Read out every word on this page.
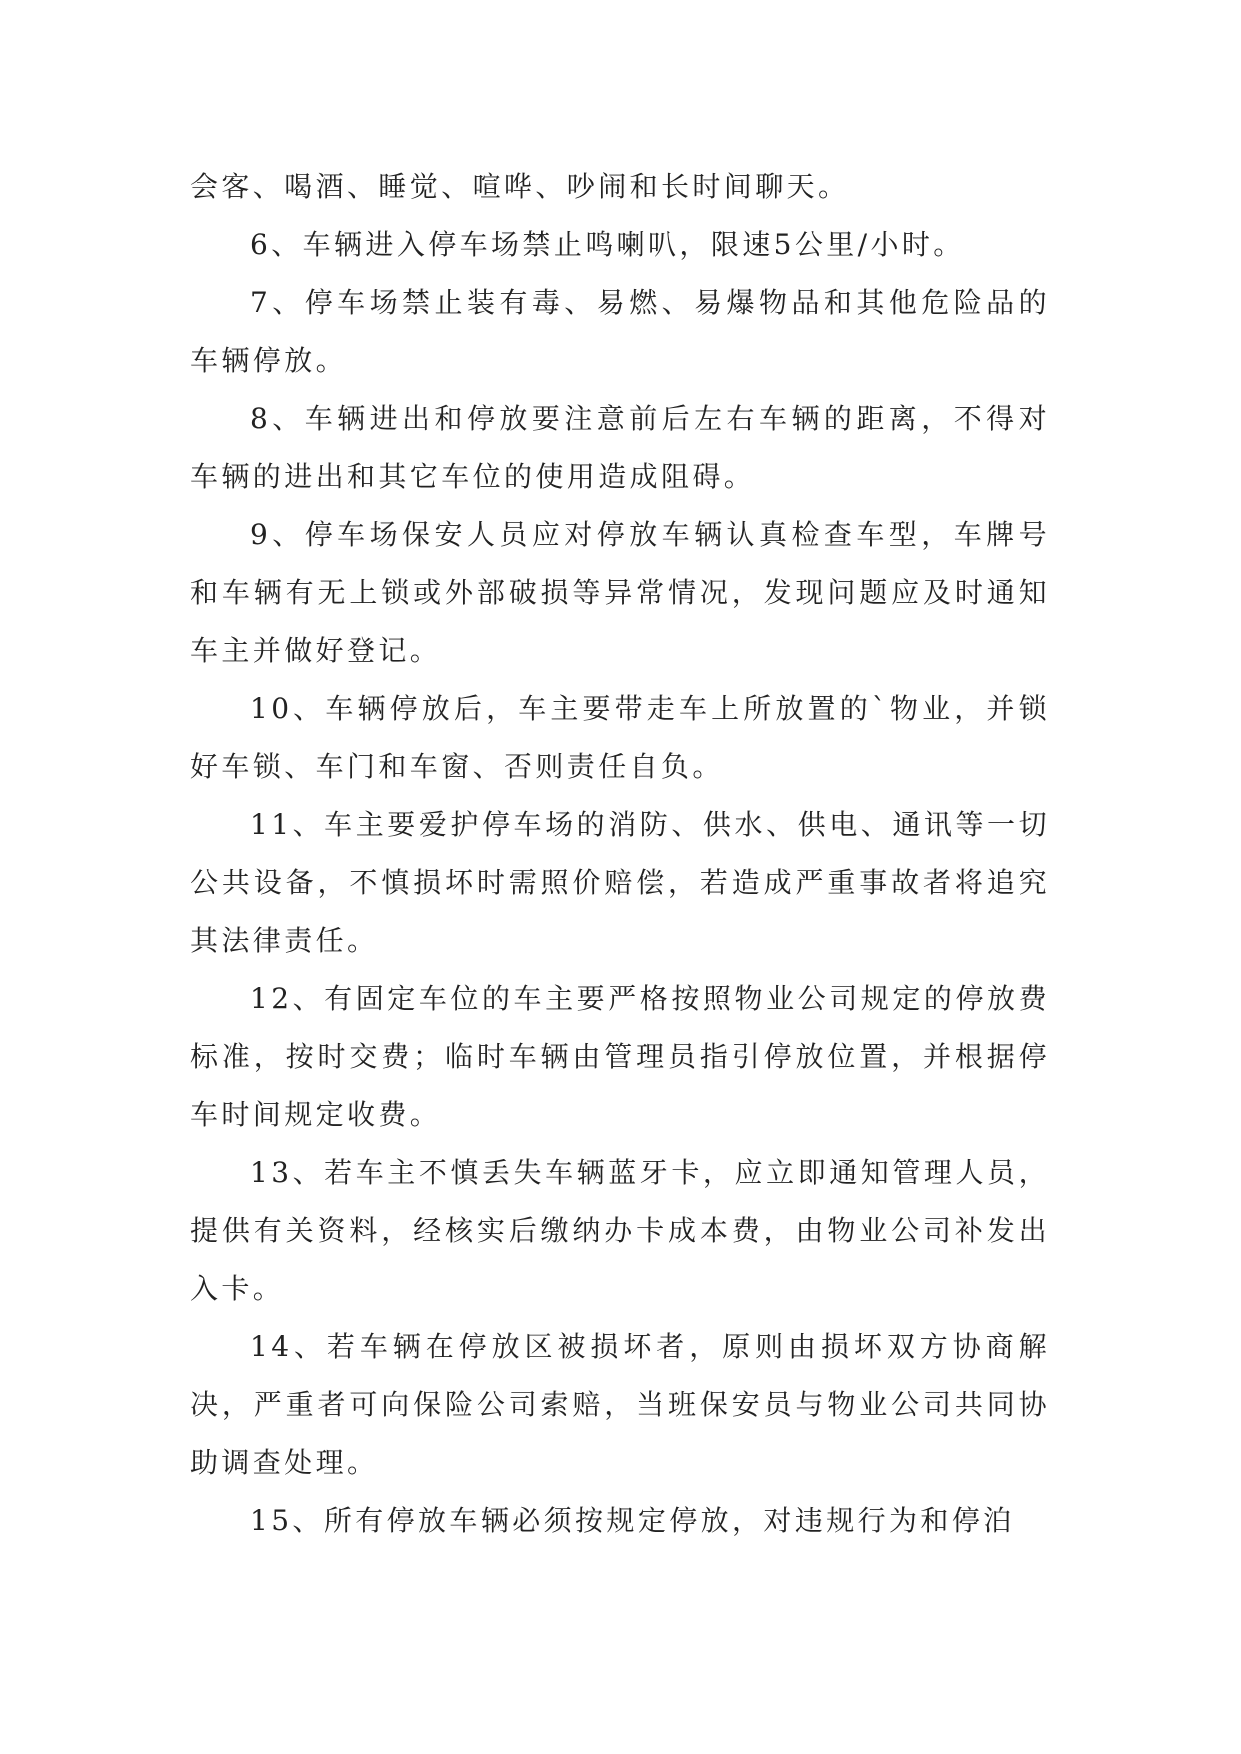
会客、喝酒、睡觉、喧哗、吵闹和长时间聊天。

6、车辆进入停车场禁止鸣喇叭，限速5公里/小时。

7、停车场禁止装有毒、易燃、易爆物品和其他危险品的车辆停放。

8、车辆进出和停放要注意前后左右车辆的距离，不得对车辆的进出和其它车位的使用造成阻碍。

9、停车场保安人员应对停放车辆认真检查车型，车牌号和车辆有无上锁或外部破损等异常情况，发现问题应及时通知车主并做好登记。

10、车辆停放后，车主要带走车上所放置的`物业，并锁好车锁、车门和车窗、否则责任自负。

11、车主要爱护停车场的消防、供水、供电、通讯等一切公共设备，不慎损坏时需照价赔偿，若造成严重事故者将追究其法律责任。

12、有固定车位的车主要严格按照物业公司规定的停放费标准，按时交费；临时车辆由管理员指引停放位置，并根据停车时间规定收费。

13、若车主不慎丢失车辆蓝牙卡，应立即通知管理人员，提供有关资料，经核实后缴纳办卡成本费，由物业公司补发出入卡。

14、若车辆在停放区被损坏者，原则由损坏双方协商解决，严重者可向保险公司索赔，当班保安员与物业公司共同协助调查处理。

15、所有停放车辆必须按规定停放，对违规行为和停泊
